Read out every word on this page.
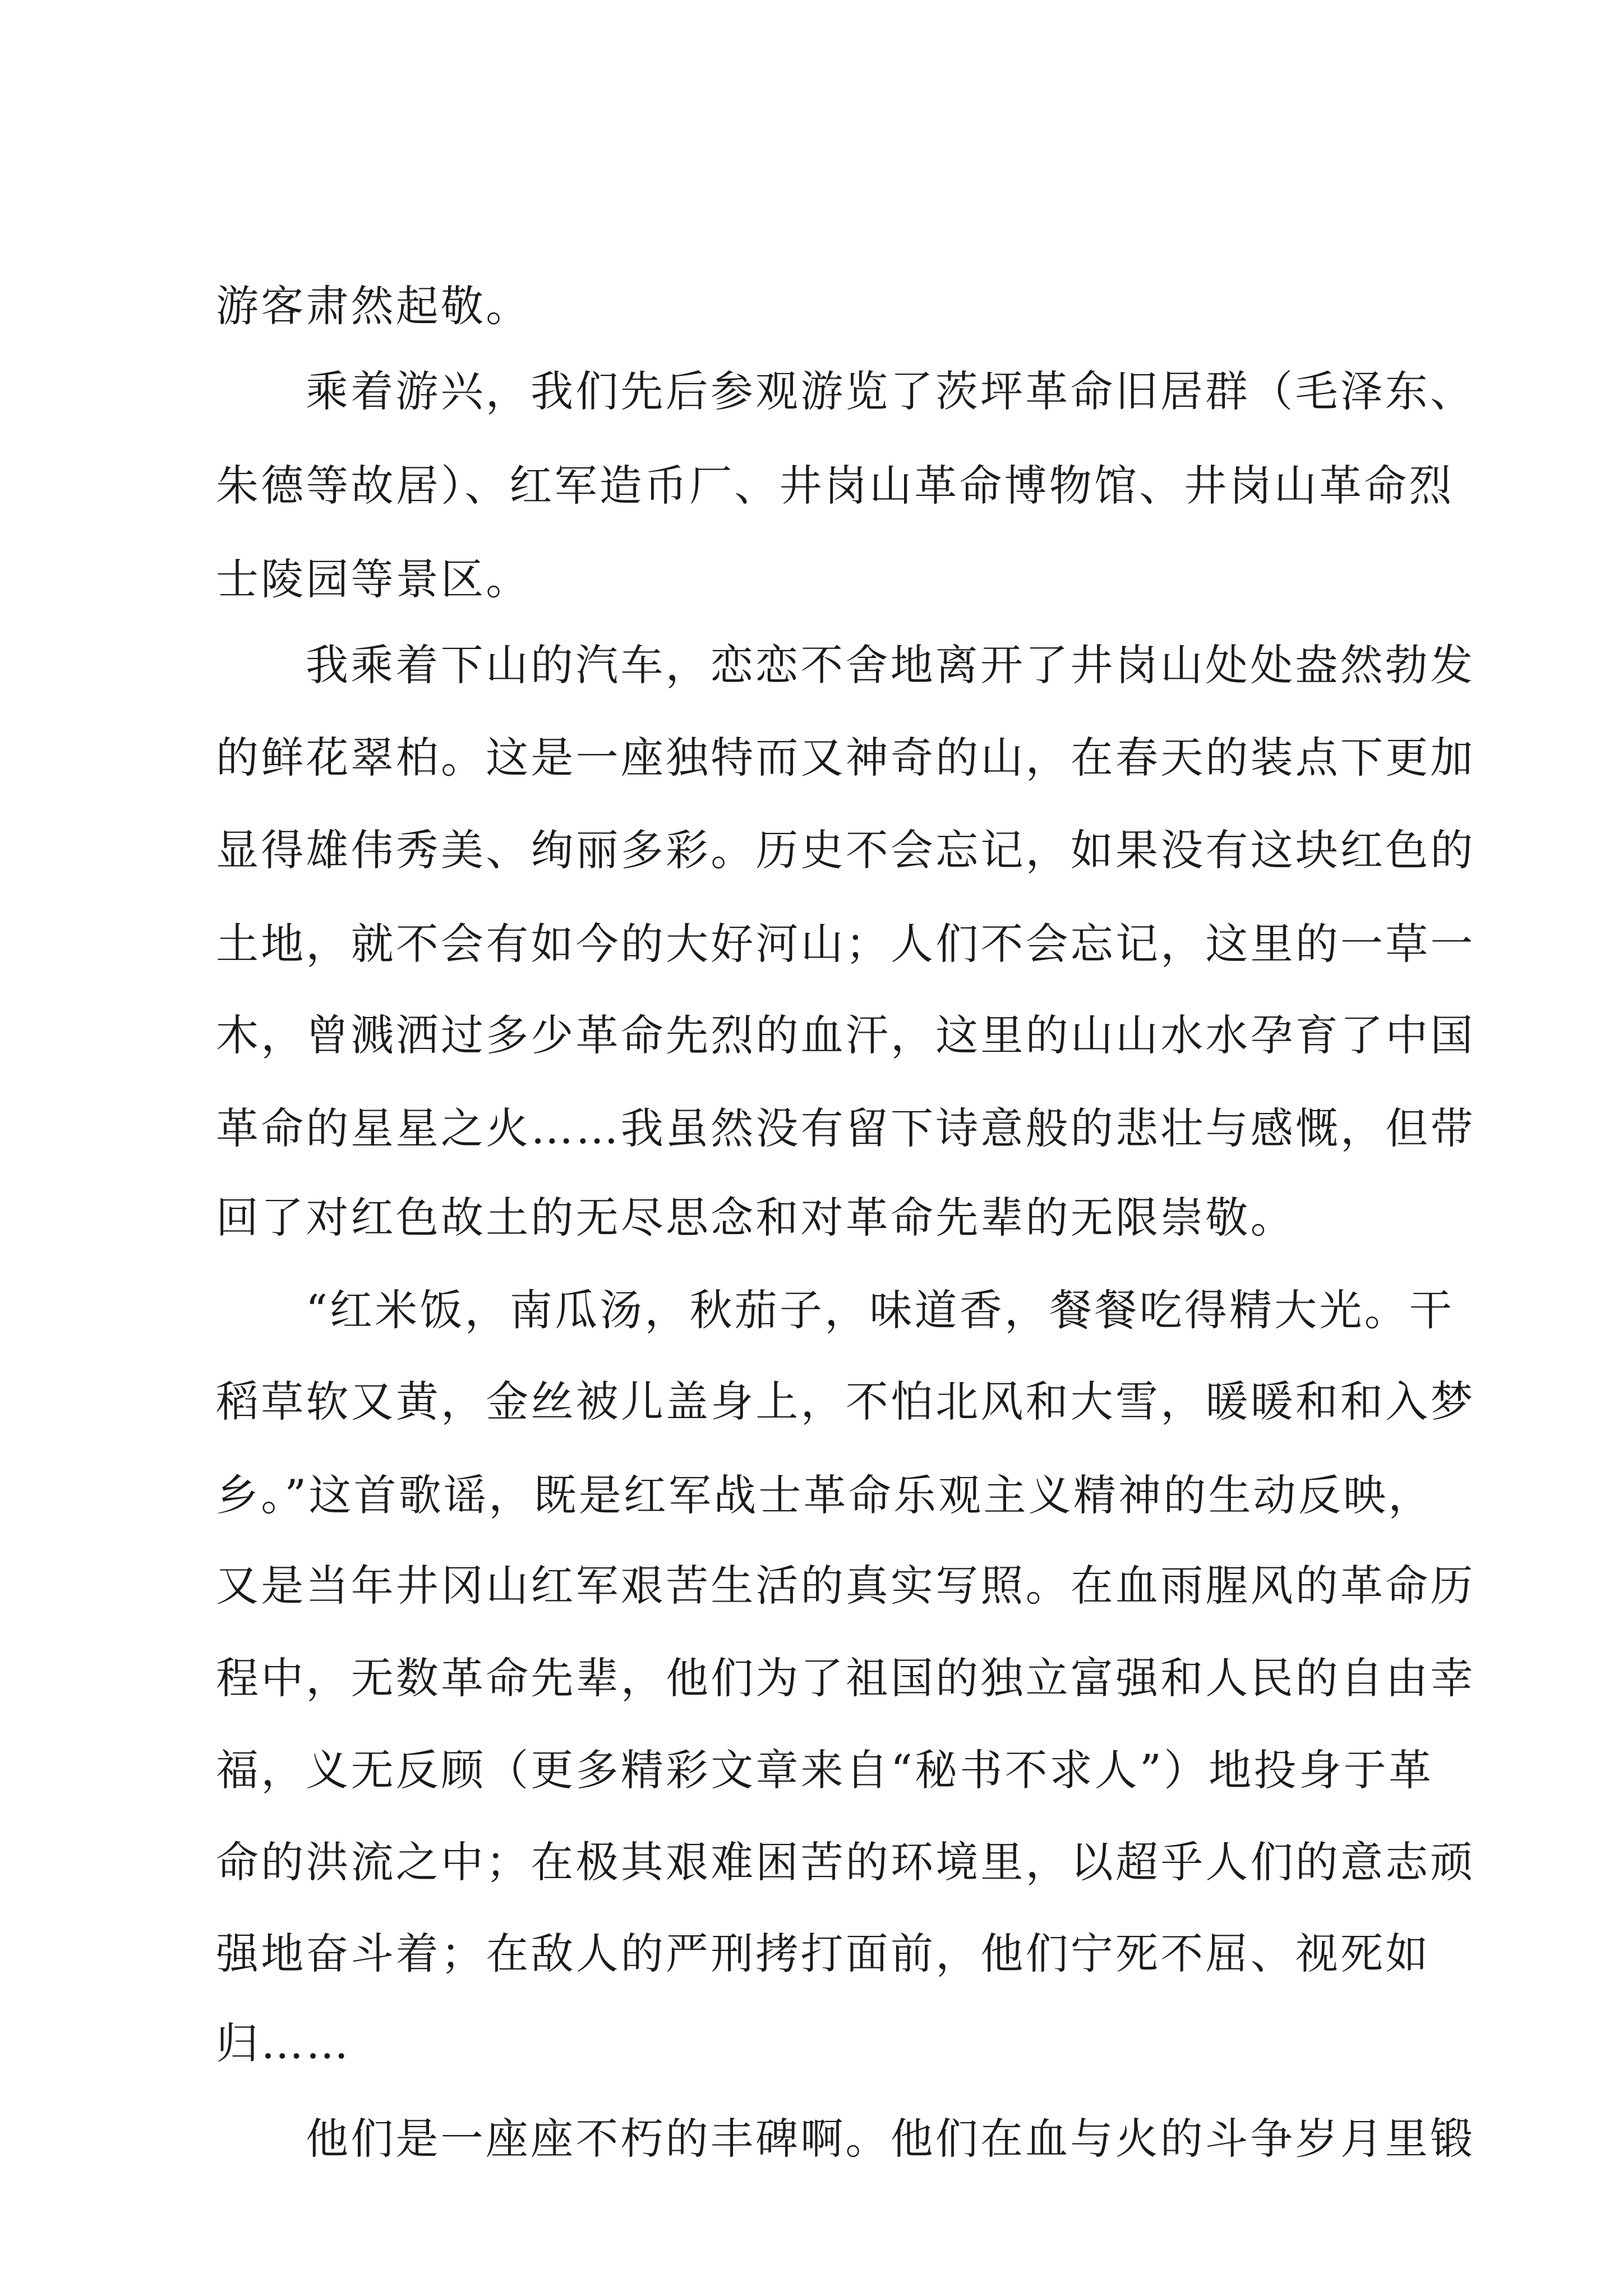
游客肃然起敬。
乘着游兴，我们先后参观游览了茨坪革命旧居群（毛泽东、
朱德等故居）、红军造币厂、井岗山革命博物馆、井岗山革命烈
士陵园等景区。
我乘着下山的汽车，恋恋不舍地离开了井岗山处处盎然勃发
的鲜花翠柏。这是一座独特而又神奇的山，在春天的装点下更加
显得雄伟秀美、绚丽多彩。历史不会忘记，如果没有这块红色的
土地，就不会有如今的大好河山；人们不会忘记，这里的一草一
木，曾溅洒过多少革命先烈的血汗，这里的山山水水孕育了中国
革命的星星之火……我虽然没有留下诗意般的悲壮与感慨，但带
回了对红色故土的无尽思念和对革命先辈的无限崇敬。
“红米饭，南瓜汤，秋茄子，味道香，餐餐吃得精大光。干
稻草软又黄，金丝被儿盖身上，不怕北风和大雪，暖暖和和入梦
乡。”这首歌谣，既是红军战士革命乐观主义精神的生动反映，
又是当年井冈山红军艰苦生活的真实写照。在血雨腥风的革命历
程中，无数革命先辈，他们为了祖国的独立富强和人民的自由幸
福，义无反顾（更多精彩文章来自“秘书不求人”）地投身于革
命的洪流之中；在极其艰难困苦的环境里，以超乎人们的意志顽
强地奋斗着；在敌人的严刑拷打面前，他们宁死不屈、视死如
归……
他们是一座座不朽的丰碑啊。他们在血与火的斗争岁月里锻
